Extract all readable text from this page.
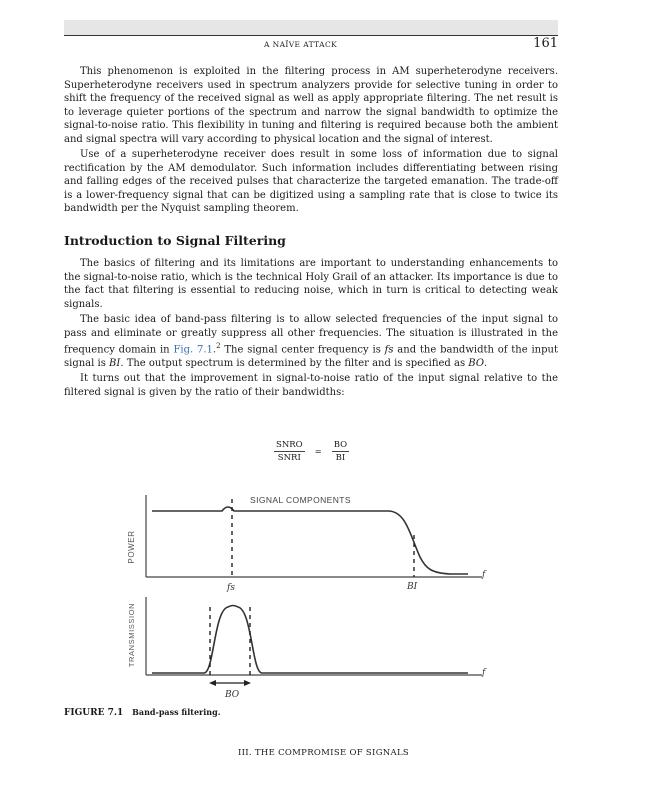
A NAÏVE ATTACK	161

This phenomenon is exploited in the filtering process in AM superheterodyne receivers. Superheterodyne receivers used in spectrum analyzers provide for selective tuning in order to shift the frequency of the received signal as well as apply appropriate filtering. The net result is to leverage quieter portions of the spectrum and narrow the signal bandwidth to optimize the signal-to-noise ratio. This flexibility in tuning and filtering is required because both the ambient and signal spectra will vary according to physical location and the signal of interest.

Use of a superheterodyne receiver does result in some loss of information due to signal rectification by the AM demodulator. Such information includes differentiating between rising and falling edges of the received pulses that characterize the targeted emanation. The trade-off is a lower-frequency signal that can be digitized using a sampling rate that is close to twice its bandwidth per the Nyquist sampling theorem.

Introduction to Signal Filtering

The basics of filtering and its limitations are important to understanding enhancements to the signal-to-noise ratio, which is the technical Holy Grail of an attacker. Its importance is due to the fact that filtering is essential to reducing noise, which in turn is critical to detecting weak signals.

The basic idea of band-pass filtering is to allow selected frequencies of the input signal to pass and eliminate or greatly suppress all other frequencies. The situation is illustrated in the frequency domain in Fig. 7.1.$^2$ The signal center frequency is fs and the bandwidth of the input signal is BI. The output spectrum is determined by the filter and is specified as BO.

It turns out that the improvement in signal-to-noise ratio of the input signal relative to the filtered signal is given by the ratio of their bandwidths:

$\frac{\text{SNRO}}{\text{SNRI}} = \frac{BO}{BI}$
SIGNAL COMPONENTS
POWER
fs	BI
f
TRANSMISSION
f
BO
FIGURE 7.1 Band-pass filtering.
III. THE COMPROMISE OF SIGNALS
